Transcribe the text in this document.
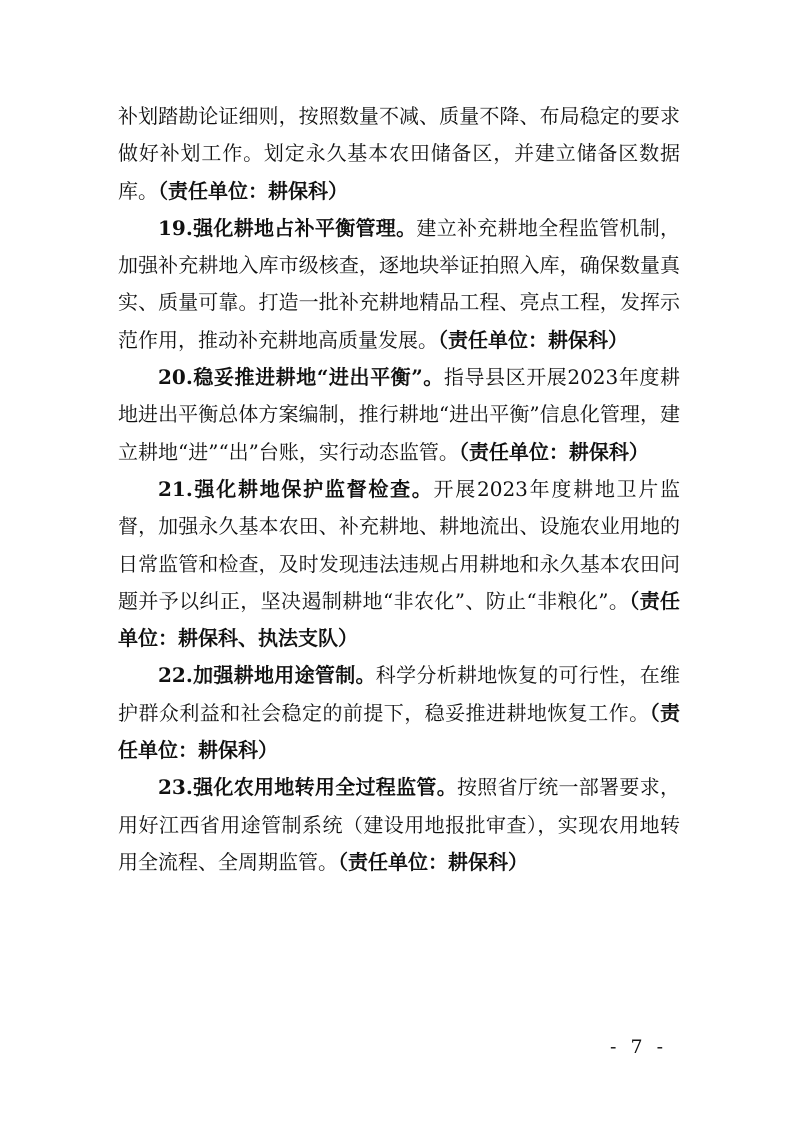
补划踏勘论证细则，按照数量不减、质量不降、布局稳定的要求做好补划工作。划定永久基本农田储备区，并建立储备区数据库。（责任单位：耕保科）

19.强化耕地占补平衡管理。建立补充耕地全程监管机制，加强补充耕地入库市级核查，逐地块举证拍照入库，确保数量真实、质量可靠。打造一批补充耕地精品工程、亮点工程，发挥示范作用，推动补充耕地高质量发展。（责任单位：耕保科）

20.稳妥推进耕地“进出平衡”。指导县区开展2023年度耕地进出平衡总体方案编制，推行耕地“进出平衡”信息化管理，建立耕地“进”“出”台账，实行动态监管。（责任单位：耕保科）

21.强化耕地保护监督检查。开展2023年度耕地卫片监督，加强永久基本农田、补充耕地、耕地流出、设施农业用地的日常监管和检查，及时发现违法违规占用耕地和永久基本农田问题并予以纠正，坚决遏制耕地“非农化”、防止“非粮化”。（责任单位：耕保科、执法支队）

22.加强耕地用途管制。科学分析耕地恢复的可行性，在维护群众利益和社会稳定的前提下，稳妥推进耕地恢复工作。（责任单位：耕保科）

23.强化农用地转用全过程监管。按照省厅统一部署要求，用好江西省用途管制系统（建设用地报批审查），实现农用地转用全流程、全周期监管。（责任单位：耕保科）

- 7 -
